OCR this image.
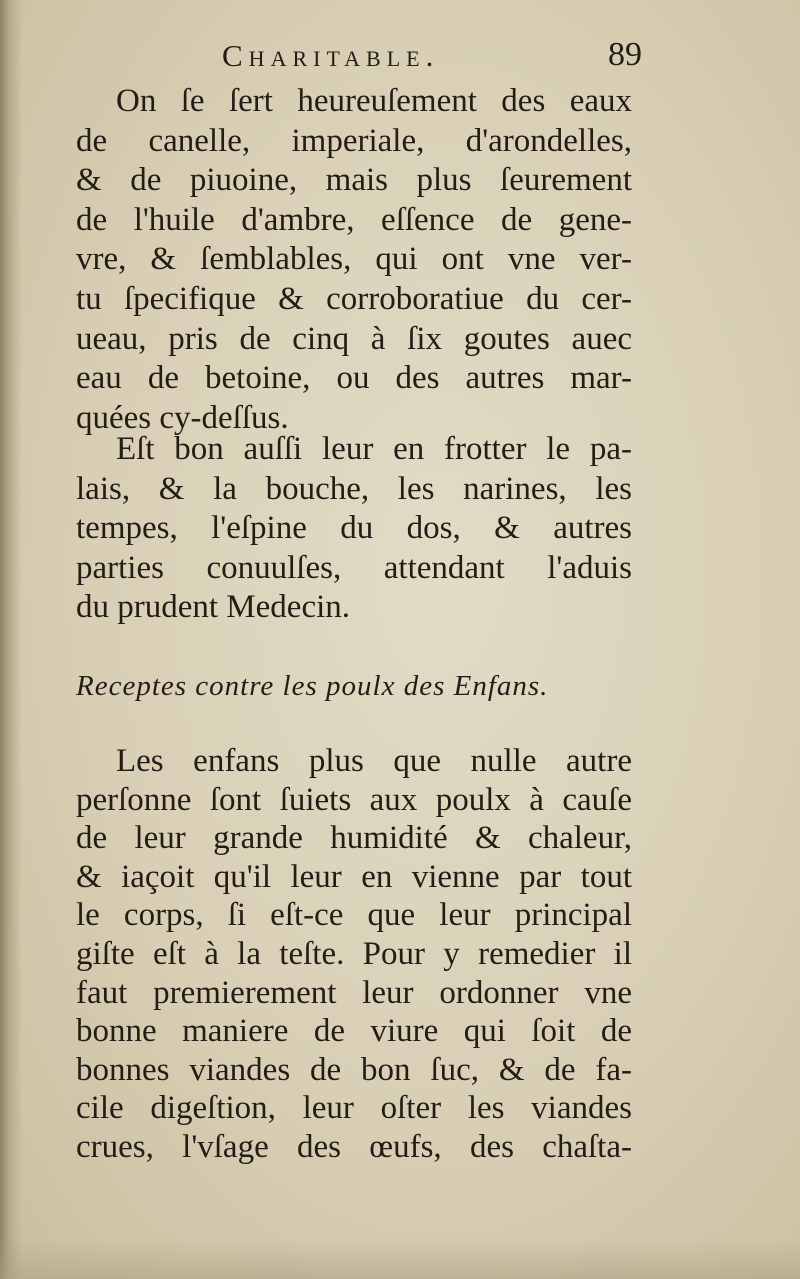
Charitable.	89
On ſe ſert heureuſement des eaux
de canelle, imperiale, d'arondelles,
& de piuoine, mais plus ſeurement
de l'huile d'ambre, eſſence de gene-
vre, & ſemblables, qui ont vne ver-
tu ſpecifique & corroboratiue du cer-
ueau, pris de cinq à ſix goutes auec
eau de betoine, ou des autres mar-
quées cy-deſſus.
Eſt bon auſſi leur en frotter le pa-
lais, & la bouche, les narines, les
tempes, l'eſpine du dos, & autres
parties conuulſes, attendant l'aduis
du prudent Medecin.
Receptes contre les poulx des Enfans.
Les enfans plus que nulle autre
perſonne ſont ſuiets aux poulx à cauſe
de leur grande humidité & chaleur,
& iaçoit qu'il leur en vienne par tout
le corps, ſi eſt-ce que leur principal
giſte eſt à la teſte. Pour y remedier il
faut premierement leur ordonner vne
bonne maniere de viure qui ſoit de
bonnes viandes de bon ſuc, & de fa-
cile digeſtion, leur oſter les viandes
crues, l'vſage des œufs, des chaſta-
